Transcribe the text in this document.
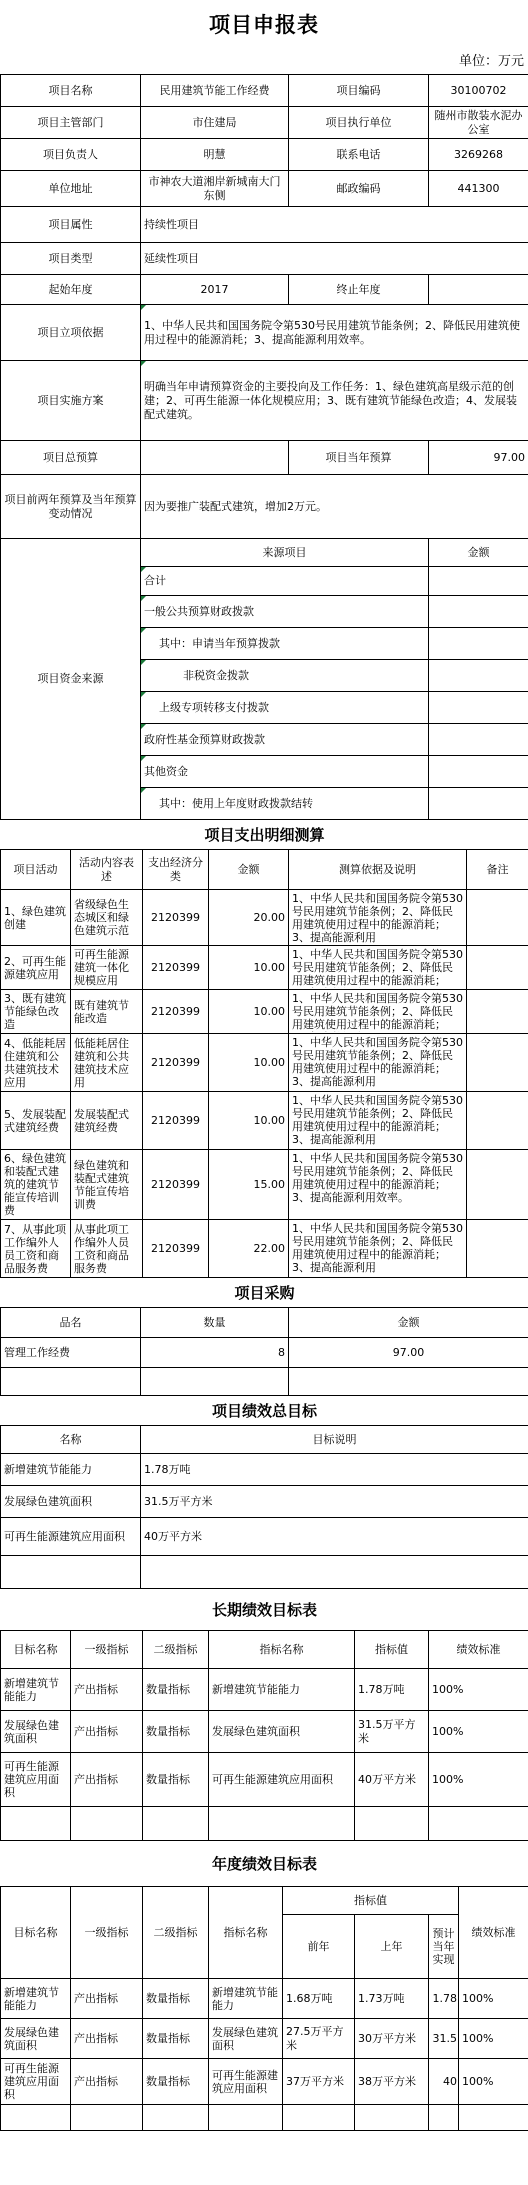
项目申报表
单位：万元
项目名称	民用建筑节能工作经费	项目编码	30100702
项目主管部门	市住建局	项目执行单位	随州市散装水泥办公室
项目负责人	明慧	联系电话	3269268
单位地址	市神农大道湘岸新城南大门东侧	邮政编码	441300
项目属性	持续性项目		
项目类型	延续性项目		
起始年度	2017	终止年度	
项目立项依据	1、中华人民共和国国务院令第530号民用建筑节能条例；2、降低民用建筑使用过程中的能源消耗；3、提高能源利用效率。		
项目实施方案	明确当年申请预算资金的主要投向及工作任务：1、绿色建筑高星级示范的创建；2、可再生能源一体化规模应用；3、既有建筑节能绿色改造；4、发展装配式建筑。		
项目总预算		项目当年预算	97.00
项目前两年预算及当年预算变动情况	因为要推广装配式建筑，增加2万元。		
项目资金来源	来源项目	金额
	合计	
	一般公共预算财政拨款	
	其中：申请当年预算拨款	
	非税资金拨款	
	上级专项转移支付拨款	
	政府性基金预算财政拨款	
	其他资金	
	其中：使用上年度财政拨款结转	
项目支出明细测算					
项目活动	活动内容表述	支出经济分类	金额	测算依据及说明	备注
1、绿色建筑创建	省级绿色生态城区和绿色建筑示范	2120399	20.00	1、中华人民共和国国务院令第530号民用建筑节能条例；2、降低民用建筑使用过程中的能源消耗；3、提高能源利用	

2、可再生能源建筑应用	可再生能源建筑一体化规模应用	2120399	10.00	1、中华人民共和国国务院令第530号民用建筑节能条例；2、降低民用建筑使用过程中的能源消耗；	

3、既有建筑节能绿色改造	既有建筑节能改造	2120399	10.00	1、中华人民共和国国务院令第530号民用建筑节能条例；2、降低民用建筑使用过程中的能源消耗；	

4、低能耗居住建筑和公共建筑技术应用	低能耗居住建筑和公共建筑技术应用	2120399	10.00	1、中华人民共和国国务院令第530号民用建筑节能条例；2、降低民用建筑使用过程中的能源消耗；3、提高能源利用	

5、发展装配式建筑经费	发展装配式建筑经费	2120399	10.00	1、中华人民共和国国务院令第530号民用建筑节能条例；2、降低民用建筑使用过程中的能源消耗；3、提高能源利用	

6、绿色建筑和装配式建筑的建筑节能宣传培训费	绿色建筑和装配式建筑节能宣传培训费	2120399	15.00	1、中华人民共和国国务院令第530号民用建筑节能条例；2、降低民用建筑使用过程中的能源消耗；3、提高能源利用效率。	

7、从事此项工作编外人员工资和商品服务费	从事此项工作编外人员工资和商品服务费	2120399	22.00	1、中华人民共和国国务院令第530号民用建筑节能条例；2、降低民用建筑使用过程中的能源消耗；3、提高能源利用	

项目采购		
品名	数量	金额
管理工作经费	8	97.00

项目绩效总目标	
名称	目标说明
新增建筑节能能力	1.78万吨
发展绿色建筑面积	31.5万平方米
可再生能源建筑应用面积	40万平方米

长期绩效目标表					
目标名称	一级指标	二级指标	指标名称	指标值	绩效标准
新增建筑节能能力	产出指标	数量指标	新增建筑节能能力	1.78万吨	100%
发展绿色建筑面积	产出指标	数量指标	发展绿色建筑面积	31.5万平方米	100%
可再生能源建筑应用面积	产出指标	数量指标	可再生能源建筑应用面积	40万平方米	100%

年度绩效目标表							
目标名称	一级指标	二级指标	指标名称	指标值			绩效标准
				前年	上年	预计当年实现	
新增建筑节能能力	产出指标	数量指标	新增建筑节能能力	1.68万吨	1.73万吨	1.78	100%
发展绿色建筑面积	产出指标	数量指标	发展绿色建筑面积	27.5万平方米	30万平方米	31.5	100%
可再生能源建筑应用面积	产出指标	数量指标	可再生能源建筑应用面积	37万平方米	38万平方米	40	100%
